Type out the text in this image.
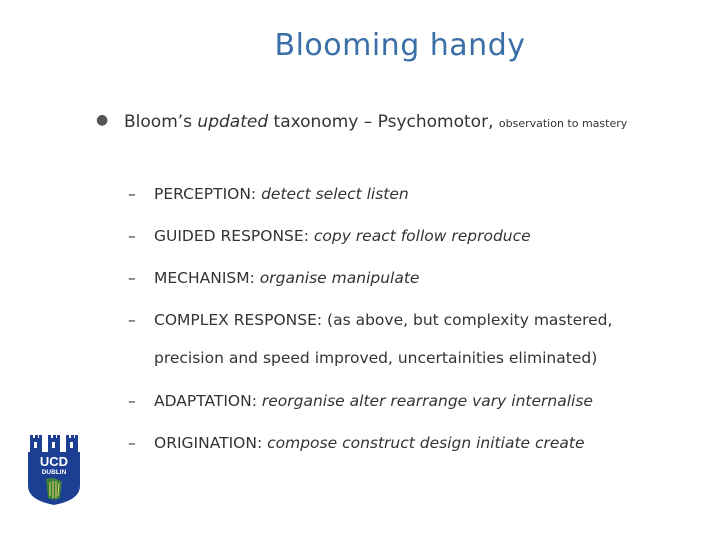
Blooming handy
● Bloom’s updated taxonomy – Psychomotor, observation to mastery
– PERCEPTION: detect select listen
– GUIDED RESPONSE: copy react follow reproduce
– MECHANISM: organise manipulate
– COMPLEX RESPONSE: (as above, but complexity mastered,
precision and speed improved, uncertainities eliminated)
– ADAPTATION: reorganise alter rearrange vary internalise
– ORIGINATION: compose construct design initiate create
UCD
DUBLIN
